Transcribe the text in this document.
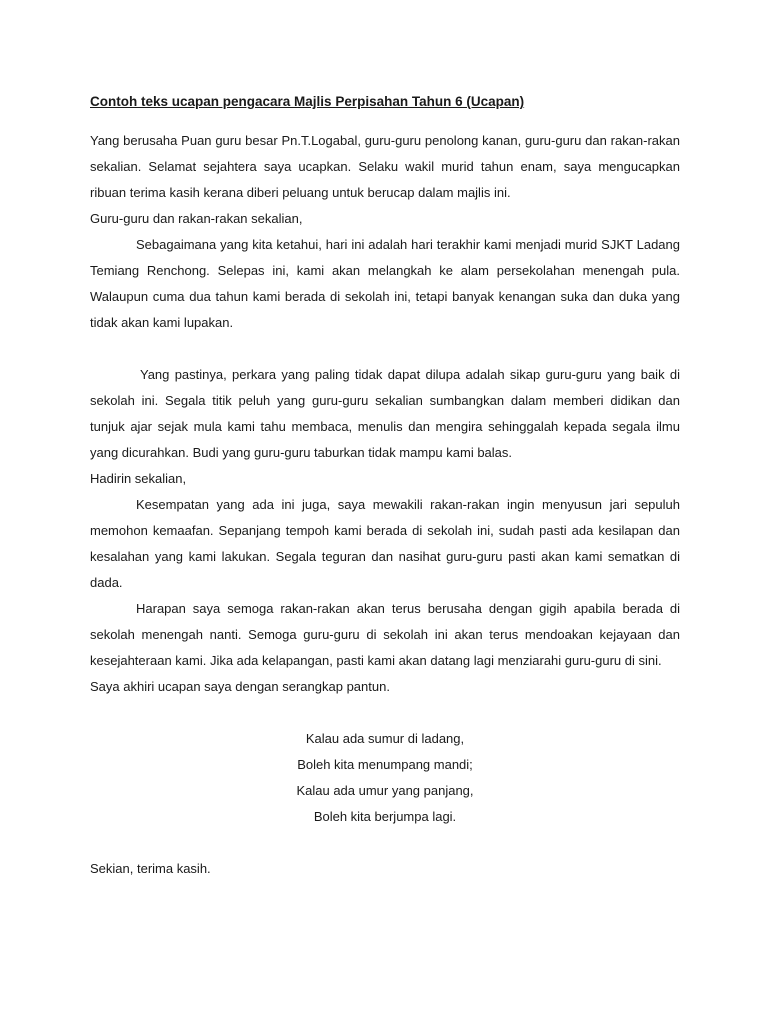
Contoh teks ucapan pengacara Majlis Perpisahan Tahun 6 (Ucapan)

Yang berusaha Puan guru besar Pn.T.Logabal, guru-guru penolong kanan, guru-guru dan rakan-rakan sekalian. Selamat sejahtera saya ucapkan. Selaku wakil murid tahun enam, saya mengucapkan ribuan terima kasih kerana diberi peluang untuk berucap dalam majlis ini.

Guru-guru dan rakan-rakan sekalian,

Sebagaimana yang kita ketahui, hari ini adalah hari terakhir kami menjadi murid SJKT Ladang Temiang Renchong. Selepas ini, kami akan melangkah ke alam persekolahan menengah pula. Walaupun cuma dua tahun kami berada di sekolah ini, tetapi banyak kenangan suka dan duka yang tidak akan kami lupakan.

Yang pastinya, perkara yang paling tidak dapat dilupa adalah sikap guru-guru yang baik di sekolah ini. Segala titik peluh yang guru-guru sekalian sumbangkan dalam memberi didikan dan tunjuk ajar sejak mula kami tahu membaca, menulis dan mengira sehinggalah kepada segala ilmu yang dicurahkan. Budi yang guru-guru taburkan tidak mampu kami balas.

Hadirin sekalian,

Kesempatan yang ada ini juga, saya mewakili rakan-rakan ingin menyusun jari sepuluh memohon kemaafan. Sepanjang tempoh kami berada di sekolah ini, sudah pasti ada kesilapan dan kesalahan yang kami lakukan. Segala teguran dan nasihat guru-guru pasti akan kami sematkan di dada.

Harapan saya semoga rakan-rakan akan terus berusaha dengan gigih apabila berada di sekolah menengah nanti. Semoga guru-guru di sekolah ini akan terus mendoakan kejayaan dan kesejahteraan kami. Jika ada kelapangan, pasti kami akan datang lagi menziarahi guru-guru di sini.

Saya akhiri ucapan saya dengan serangkap pantun.

Kalau ada sumur di ladang,
Boleh kita menumpang mandi;
Kalau ada umur yang panjang,
Boleh kita berjumpa lagi.

Sekian, terima kasih.
